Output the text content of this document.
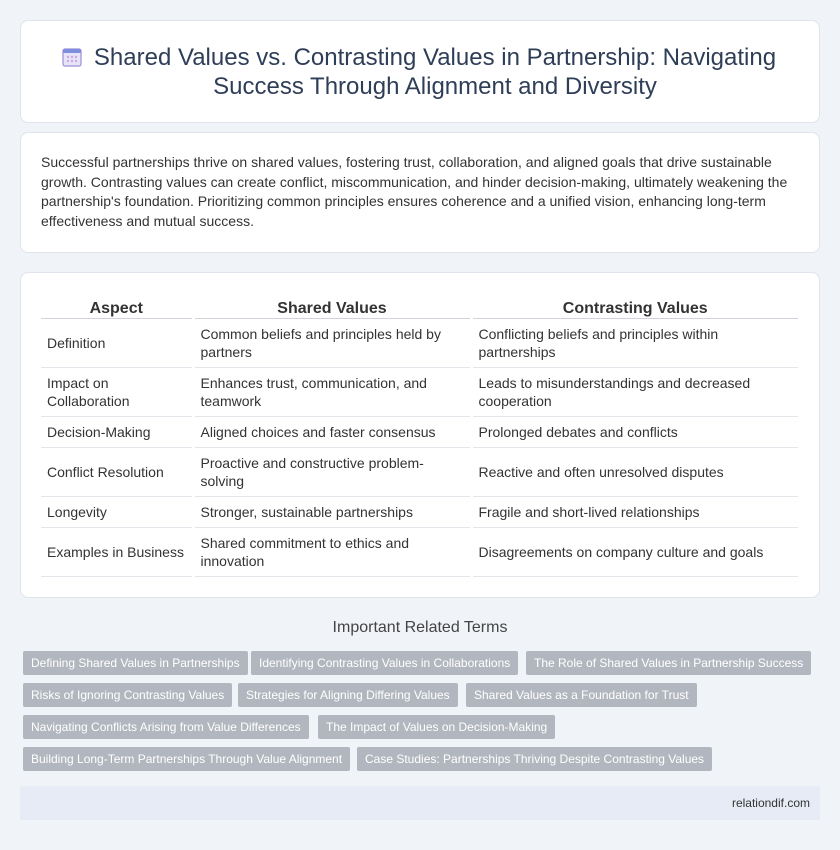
Shared Values vs. Contrasting Values in Partnership: Navigating Success Through Alignment and Diversity

Successful partnerships thrive on shared values, fostering trust, collaboration, and aligned goals that drive sustainable growth. Contrasting values can create conflict, miscommunication, and hinder decision-making, ultimately weakening the partnership's foundation. Prioritizing common principles ensures coherence and a unified vision, enhancing long-term effectiveness and mutual success.

Aspect	Shared Values	Contrasting Values
Definition	Common beliefs and principles held by partners	Conflicting beliefs and principles within partnerships
Impact on Collaboration	Enhances trust, communication, and teamwork	Leads to misunderstandings and decreased cooperation
Decision-Making	Aligned choices and faster consensus	Prolonged debates and conflicts
Conflict Resolution	Proactive and constructive problem-solving	Reactive and often unresolved disputes
Longevity	Stronger, sustainable partnerships	Fragile and short-lived relationships
Examples in Business	Shared commitment to ethics and innovation	Disagreements on company culture and goals
Important Related Terms
Defining Shared Values in Partnerships	Identifying Contrasting Values in Collaborations	The Role of Shared Values in Partnership Success
Risks of Ignoring Contrasting Values	Strategies for Aligning Differing Values	Shared Values as a Foundation for Trust
Navigating Conflicts Arising from Value Differences	The Impact of Values on Decision-Making
Building Long-Term Partnerships Through Value Alignment	Case Studies: Partnerships Thriving Despite Contrasting Values
relationdif.com
